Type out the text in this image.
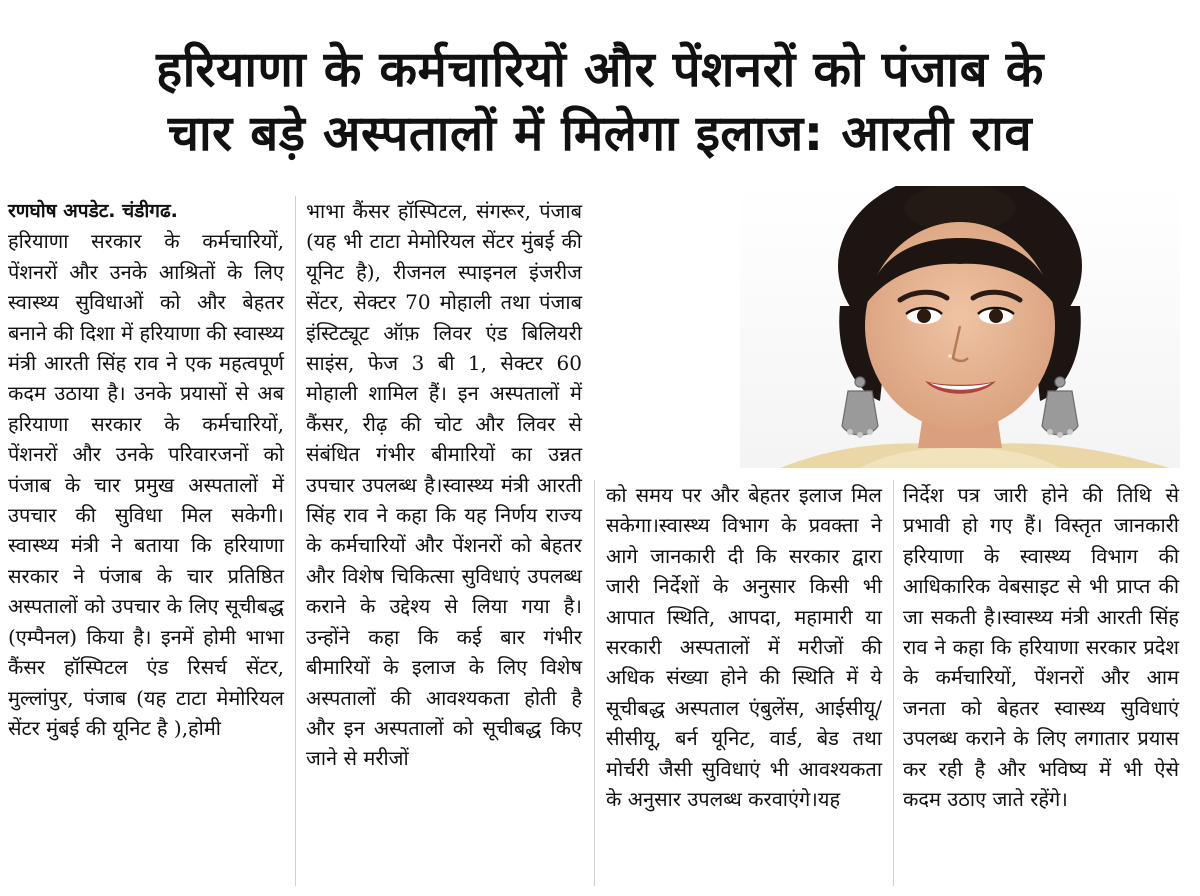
हरियाणा के कर्मचारियों और पेंशनरों को पंजाब के
चार बड़े अस्पतालों में मिलेगा इलाज: आरती राव

रणघोष अपडेट. चंडीगढ.

हरियाणा सरकार के कर्मचारियों, पेंशनरों और उनके आश्रितों के लिए स्वास्थ्य सुविधाओं को और बेहतर बनाने की दिशा में हरियाणा की स्वास्थ्य मंत्री आरती सिंह राव ने एक महत्वपूर्ण कदम उठाया है। उनके प्रयासों से अब हरियाणा सरकार के कर्मचारियों, पेंशनरों और उनके परिवारजनों को पंजाब के चार प्रमुख अस्पतालों में उपचार की सुविधा मिल सकेगी।स्वास्थ्य मंत्री ने बताया कि हरियाणा सरकार ने पंजाब के चार प्रतिष्ठित अस्पतालों को उपचार के लिए सूचीबद्ध (एम्पैनल) किया है। इनमें होमी भाभा कैंसर हॉस्पिटल एंड रिसर्च सेंटर, मुल्लांपुर, पंजाब (यह टाटा मेमोरियल सेंटर मुंबई की यूनिट है ),होमी

भाभा कैंसर हॉस्पिटल, संगरूर, पंजाब (यह भी टाटा मेमोरियल सेंटर मुंबई की यूनिट है), रीजनल स्पाइनल इंजरीज सेंटर, सेक्टर 70 मोहाली तथा पंजाब इंस्टिट्यूट ऑफ़ लिवर एंड बिलियरी साइंस, फेज 3 बी 1, सेक्टर 60 मोहाली शामिल हैं। इन अस्पतालों में कैंसर, रीढ़ की चोट और लिवर से संबंधित गंभीर बीमारियों का उन्नत उपचार उपलब्ध है।स्वास्थ्य मंत्री आरती सिंह राव ने कहा कि यह निर्णय राज्य के कर्मचारियों और पेंशनरों को बेहतर और विशेष चिकित्सा सुविधाएं उपलब्ध कराने के उद्देश्य से लिया गया है। उन्होंने कहा कि कई बार गंभीर बीमारियों के इलाज के लिए विशेष अस्पतालों की आवश्यकता होती है और इन अस्पतालों को सूचीबद्ध किए जाने से मरीजों

को समय पर और बेहतर इलाज मिल सकेगा।स्वास्थ्य विभाग के प्रवक्ता ने आगे जानकारी दी कि सरकार द्वारा जारी निर्देशों के अनुसार किसी भी आपात स्थिति, आपदा, महामारी या सरकारी अस्पतालों में मरीजों की अधिक संख्या होने की स्थिति में ये सूचीबद्ध अस्पताल एंबुलेंस, आईसीयू/सीसीयू, बर्न यूनिट, वार्ड, बेड तथा मोर्चरी जैसी सुविधाएं भी आवश्यकता के अनुसार उपलब्ध करवाएंगे।यह

निर्देश पत्र जारी होने की तिथि से प्रभावी हो गए हैं। विस्तृत जानकारी हरियाणा के स्वास्थ्य विभाग की आधिकारिक वेबसाइट से भी प्राप्त की जा सकती है।स्वास्थ्य मंत्री आरती सिंह राव ने कहा कि हरियाणा सरकार प्रदेश के कर्मचारियों, पेंशनरों और आम जनता को बेहतर स्वास्थ्य सुविधाएं उपलब्ध कराने के लिए लगातार प्रयास कर रही है और भविष्य में भी ऐसे कदम उठाए जाते रहेंगे।
